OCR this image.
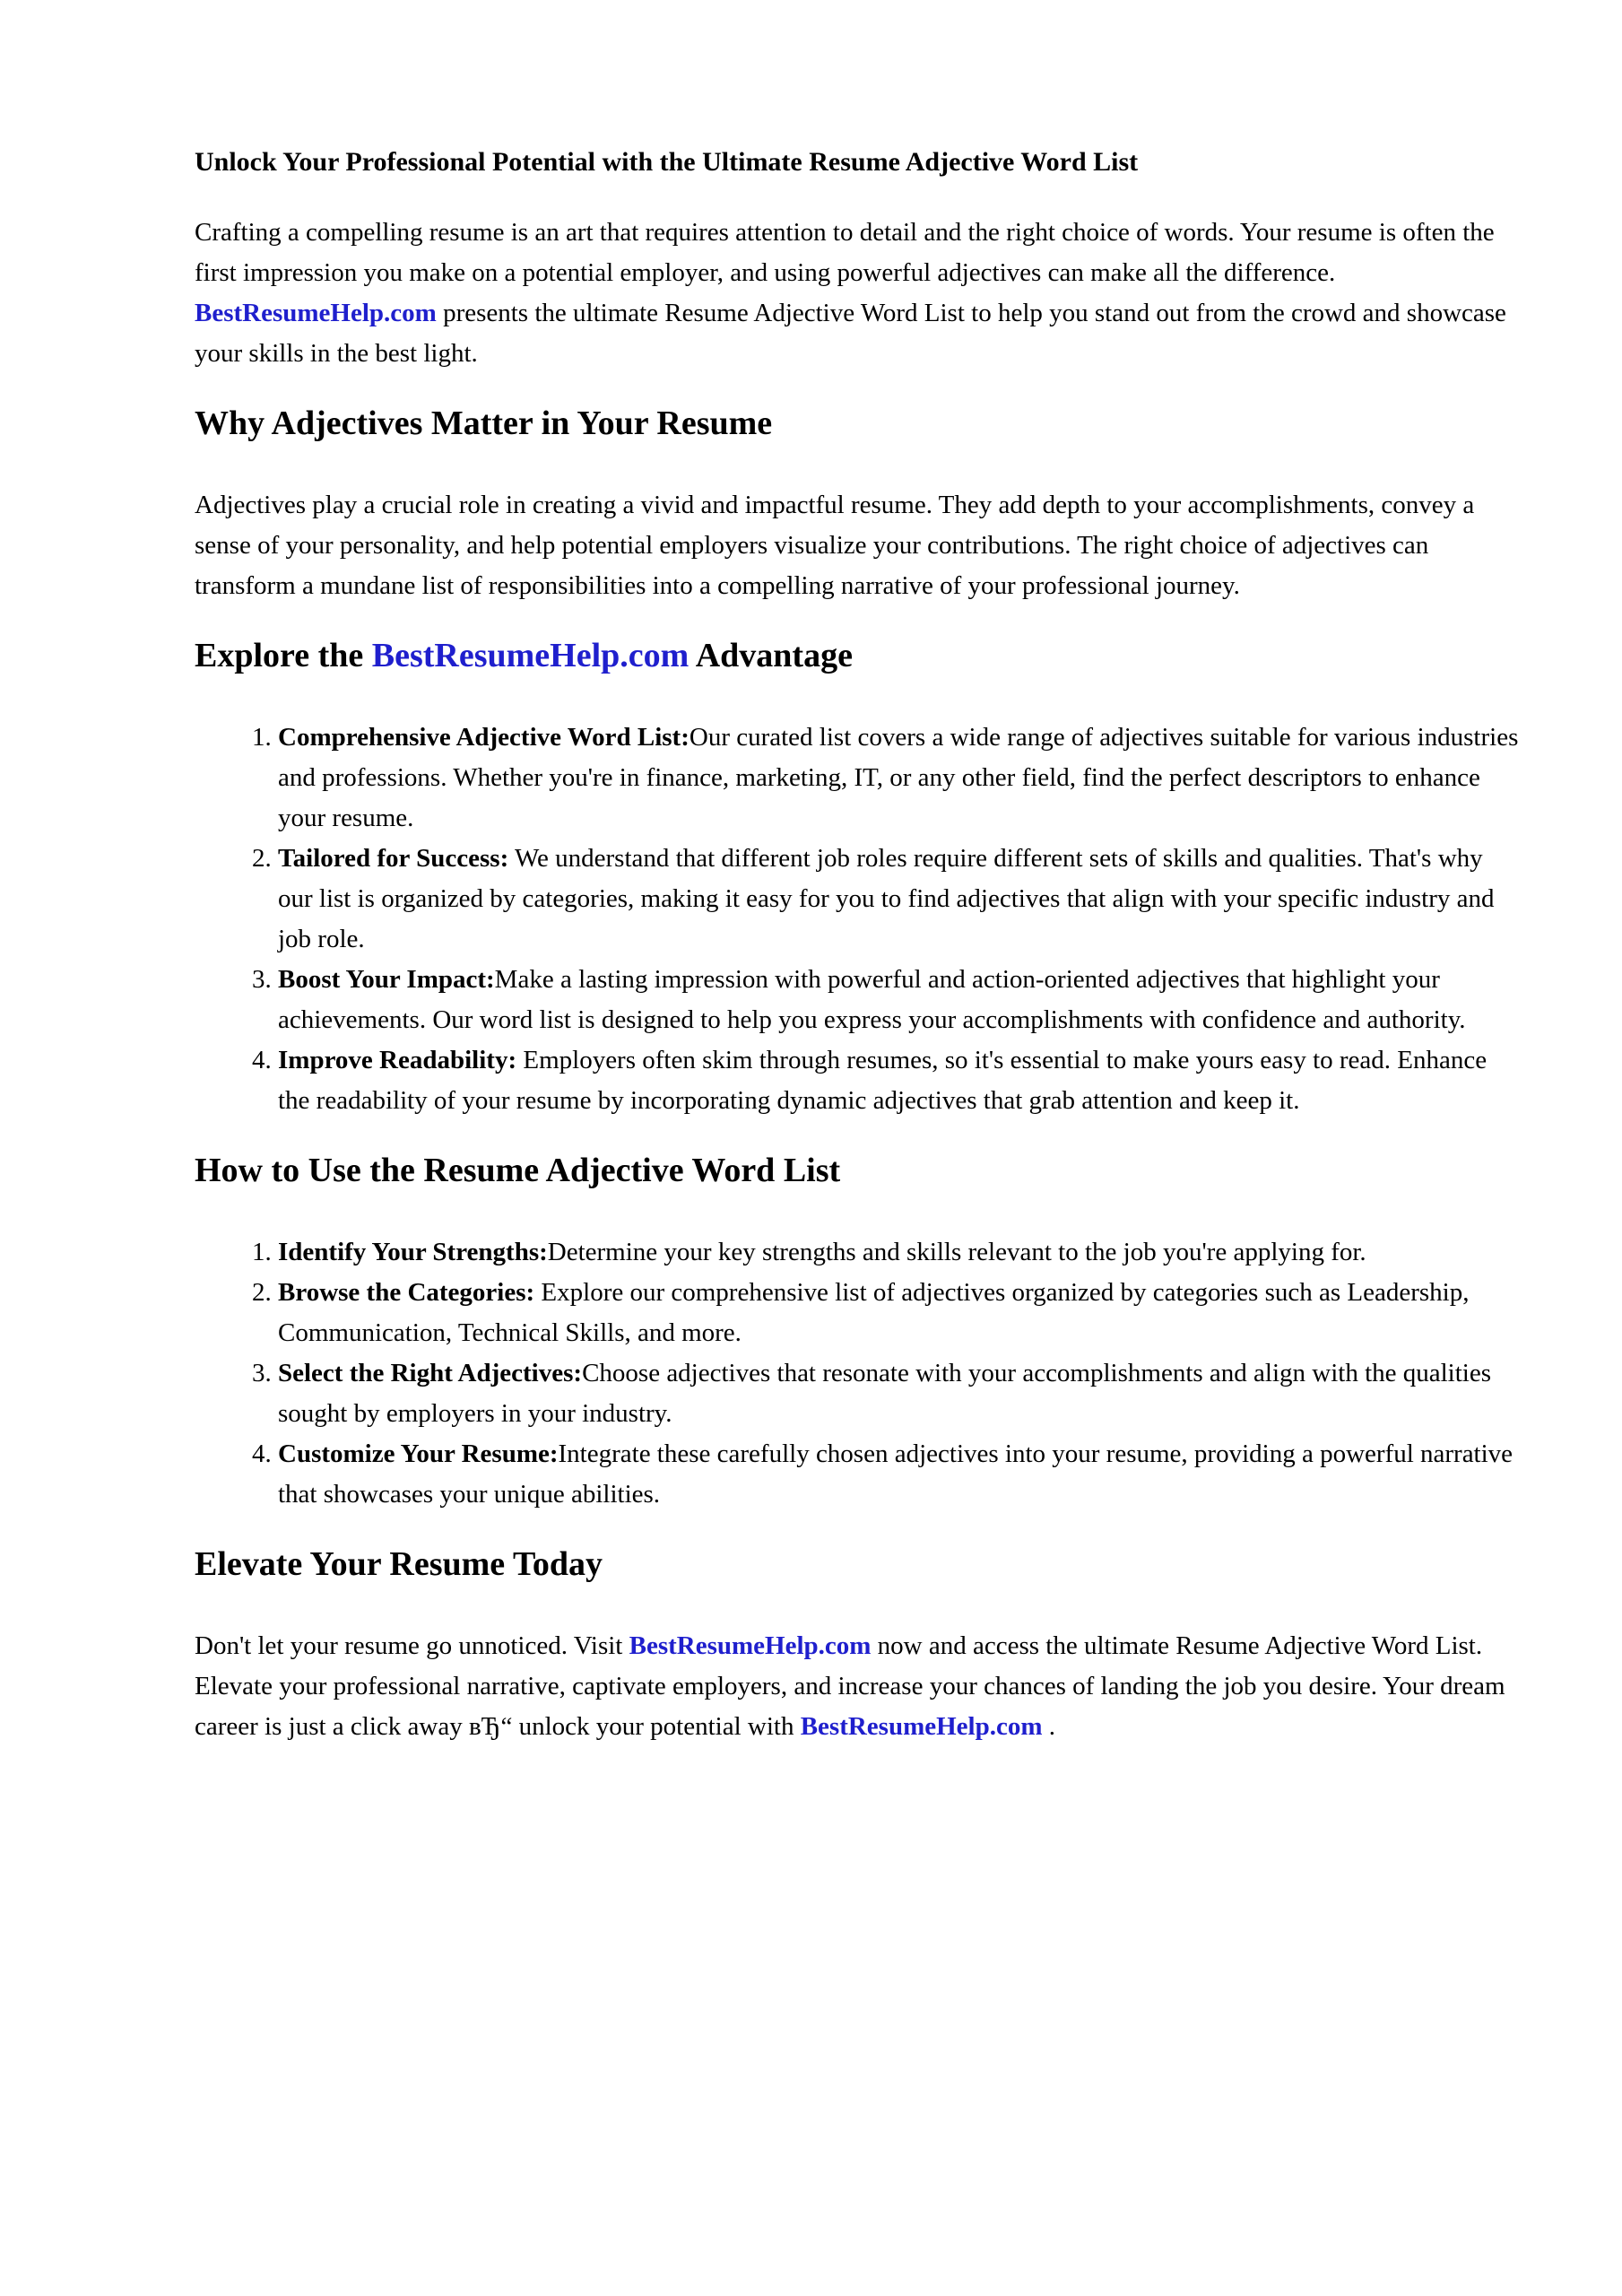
Unlock Your Professional Potential with the Ultimate Resume Adjective Word List

Crafting a compelling resume is an art that requires attention to detail and the right choice of words. Your resume is often the first impression you make on a potential employer, and using powerful adjectives can make all the difference. BestResumeHelp.com presents the ultimate Resume Adjective Word List to help you stand out from the crowd and showcase your skills in the best light.

Why Adjectives Matter in Your Resume

Adjectives play a crucial role in creating a vivid and impactful resume. They add depth to your accomplishments, convey a sense of your personality, and help potential employers visualize your contributions. The right choice of adjectives can transform a mundane list of responsibilities into a compelling narrative of your professional journey.

Explore the BestResumeHelp.com Advantage
1. Comprehensive Adjective Word List:Our curated list covers a wide range of adjectives suitable for various industries and professions. Whether you're in finance, marketing, IT, or any other field, find the perfect descriptors to enhance your resume.
2. Tailored for Success: We understand that different job roles require different sets of skills and qualities. That's why our list is organized by categories, making it easy for you to find adjectives that align with your specific industry and job role.
3. Boost Your Impact:Make a lasting impression with powerful and action-oriented adjectives that highlight your achievements. Our word list is designed to help you express your accomplishments with confidence and authority.
4. Improve Readability: Employers often skim through resumes, so it's essential to make yours easy to read. Enhance the readability of your resume by incorporating dynamic adjectives that grab attention and keep it.
How to Use the Resume Adjective Word List
1. Identify Your Strengths:Determine your key strengths and skills relevant to the job you're applying for.
2. Browse the Categories: Explore our comprehensive list of adjectives organized by categories such as Leadership, Communication, Technical Skills, and more.
3. Select the Right Adjectives:Choose adjectives that resonate with your accomplishments and align with the qualities sought by employers in your industry.
4. Customize Your Resume:Integrate these carefully chosen adjectives into your resume, providing a powerful narrative that showcases your unique abilities.
Elevate Your Resume Today

Don't let your resume go unnoticed. Visit BestResumeHelp.com now and access the ultimate Resume Adjective Word List. Elevate your professional narrative, captivate employers, and increase your chances of landing the job you desire. Your dream career is just a click away вЂ“ unlock your potential with BestResumeHelp.com .
